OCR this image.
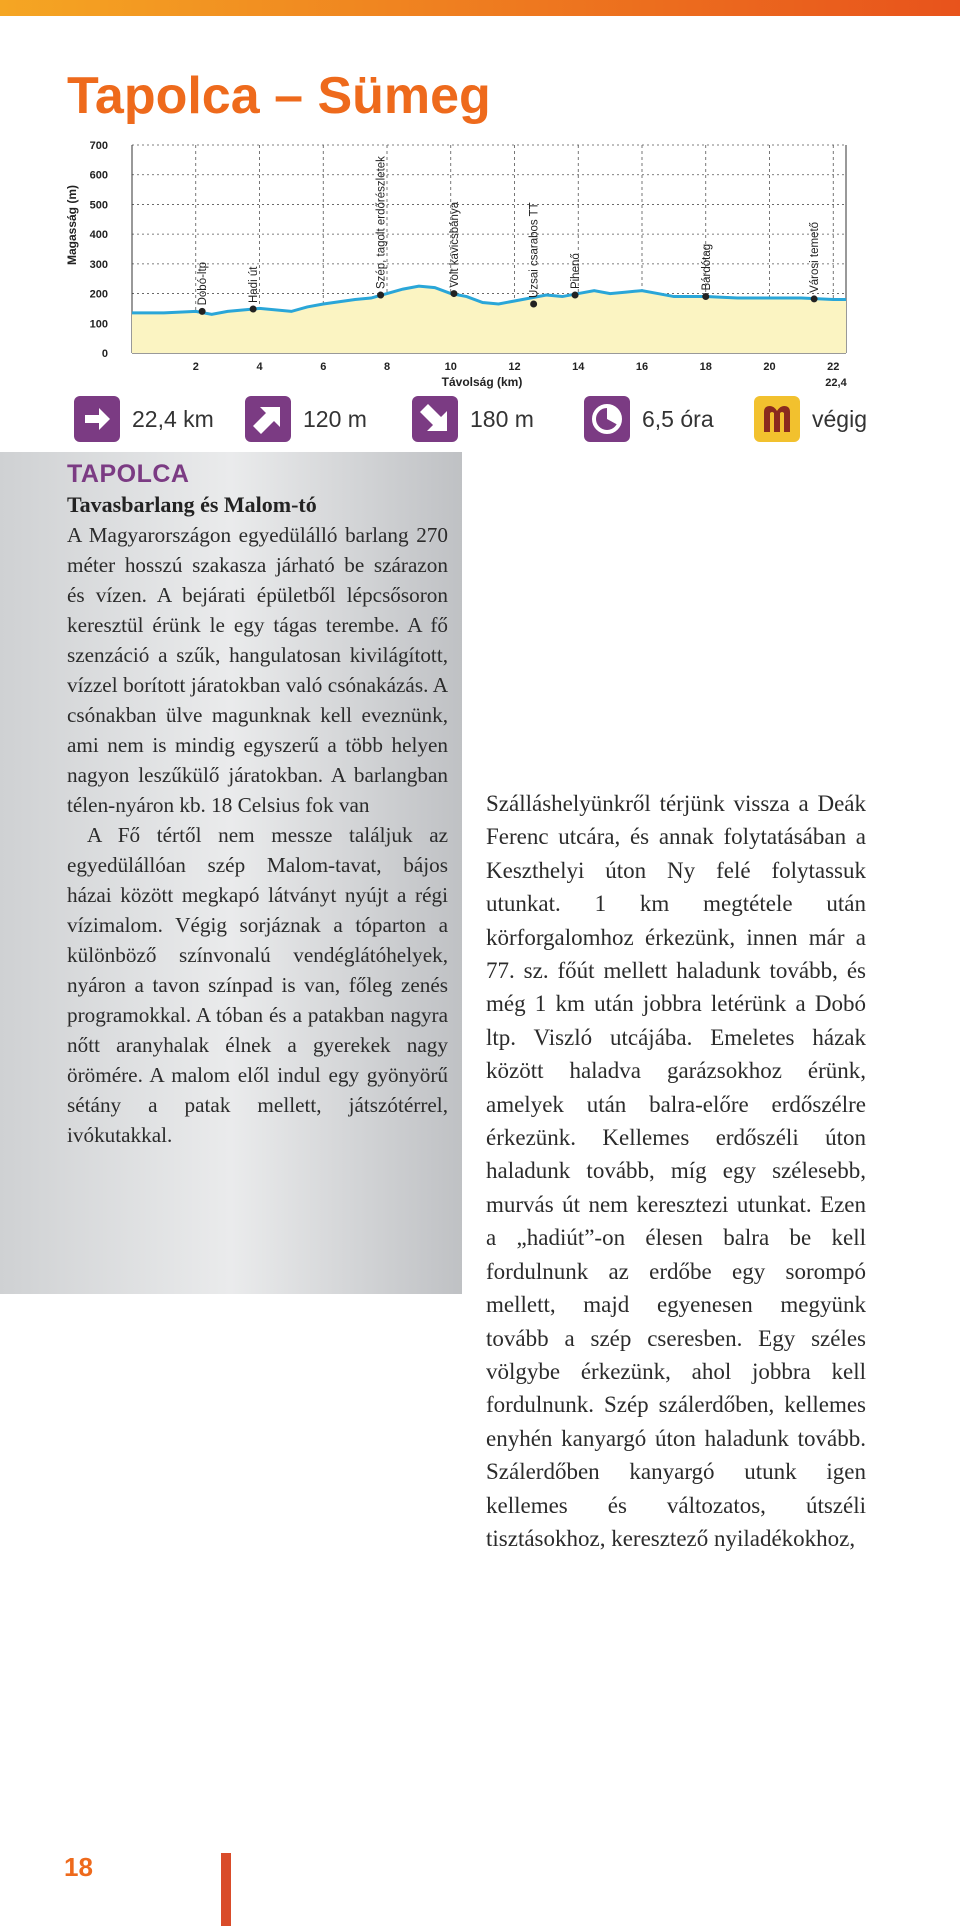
Tapolca – Sümeg
700
600
500
400
300
200
100
0
2	4	6	8	10	12	14	16	18	20	22
Dobó-ltp	Hadi út	Szép, tagolt erdőrészletek	Volt kavicsbánya	Uzsai csarabos TT	Pihenő	Bárdótag	Városi temető
Magasság (m)
Távolság (km)	22,4
22,4 km	120 m	180 m	6,5 óra	végig
TAPOLCA
Tavasbarlang és Malom-tó

A Magyarországon egyedülálló barlang 270 méter hosszú szakasza járható be szárazon és vízen. A bejárati épületből lépcsősoron keresztül érünk le egy tágas terembe. A fő szenzáció a szűk, hangulatosan kivilágított, vízzel borított járatokban való csónakázás. A csónakban ülve magunknak kell eveznünk, ami nem is mindig egyszerű a több helyen nagyon leszűkülő járatokban. A barlangban télen-nyáron kb. 18 Celsius fok van

A Fő tértől nem messze találjuk az egyedülállóan szép Malom-tavat, bájos házai között megkapó látványt nyújt a régi vízimalom. Végig sorjáznak a tóparton a különböző színvonalú vendéglátóhelyek, nyáron a tavon színpad is van, főleg zenés programokkal. A tóban és a patakban nagyra nőtt aranyhalak élnek a gyerekek nagy örömére. A malom elől indul egy gyönyörű sétány a patak mellett, játszótérrel, ivókutakkal.

Szálláshelyünkről térjünk vissza a Deák Ferenc utcára, és annak folytatásában a Keszthelyi úton Ny felé folytassuk utunkat. 1 km megtétele után körforgalomhoz érkezünk, innen már a 77. sz. főút mellett haladunk tovább, és még 1 km után jobbra letérünk a Dobó ltp. Viszló utcájába. Emeletes házak között haladva garázsokhoz érünk, amelyek után balra-előre erdőszélre érkezünk. Kellemes erdőszéli úton haladunk tovább, míg egy szélesebb, murvás út nem keresztezi utunkat. Ezen a „hadiút”-on élesen balra be kell fordulnunk az erdőbe egy sorompó mellett, majd egyenesen megyünk tovább a szép cseresben. Egy széles völgybe érkezünk, ahol jobbra kell fordulnunk. Szép szálerdőben, kellemes enyhén kanyargó úton haladunk tovább. Szálerdőben kanyargó utunk igen kellemes és változatos, útszéli tisztásokhoz, keresztező nyiladékokhoz,

18
